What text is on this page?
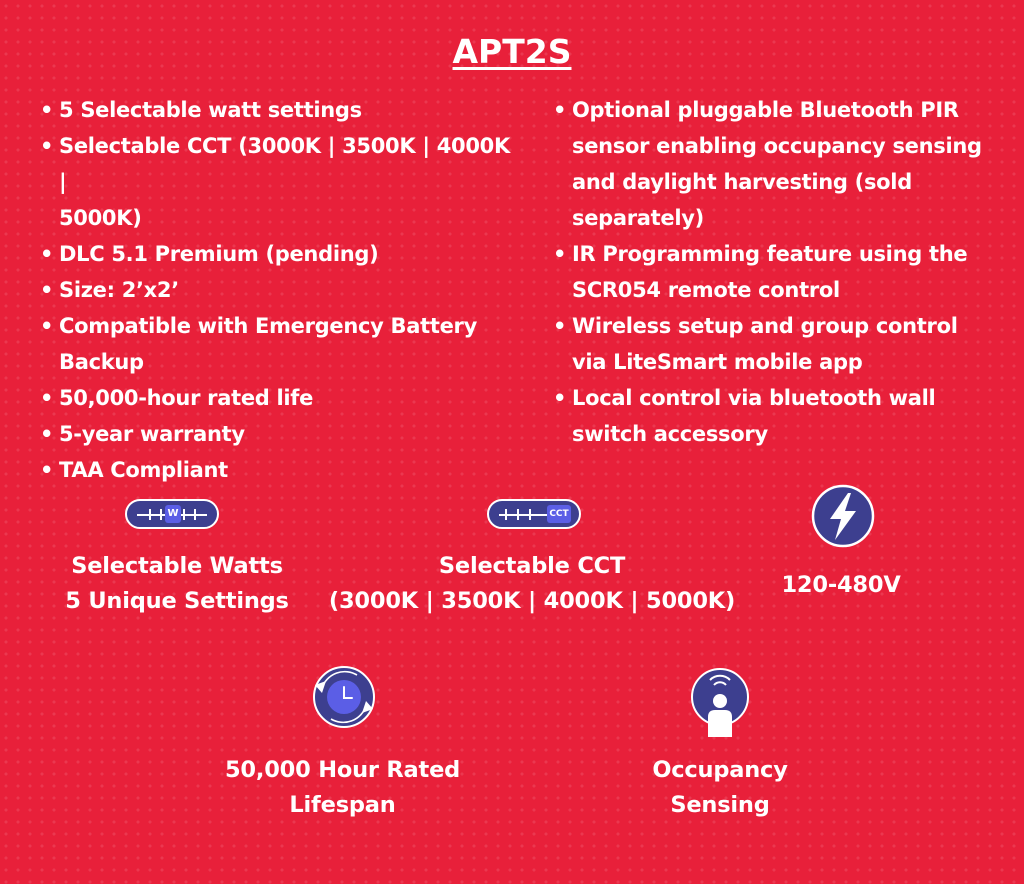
APT2S
• 5 Selectable watt settings
• Selectable CCT (3000K | 3500K | 4000K |
5000K)
• DLC 5.1 Premium (pending)
• Size: 2’x2’
• Compatible with Emergency Battery
Backup
• 50,000-hour rated life
• 5-year warranty
• TAA Compliant
• Optional pluggable Bluetooth PIR
sensor enabling occupancy sensing
and daylight harvesting (sold
separately)
• IR Programming feature using the
SCR054 remote control
• Wireless setup and group control
via LiteSmart mobile app
• Local control via bluetooth wall
switch accessory
W
Selectable Watts
5 Unique Settings
CCT
Selectable CCT
(3000K | 3500K | 4000K | 5000K)
120-480V
50,000 Hour Rated
Lifespan
Occupancy
Sensing
